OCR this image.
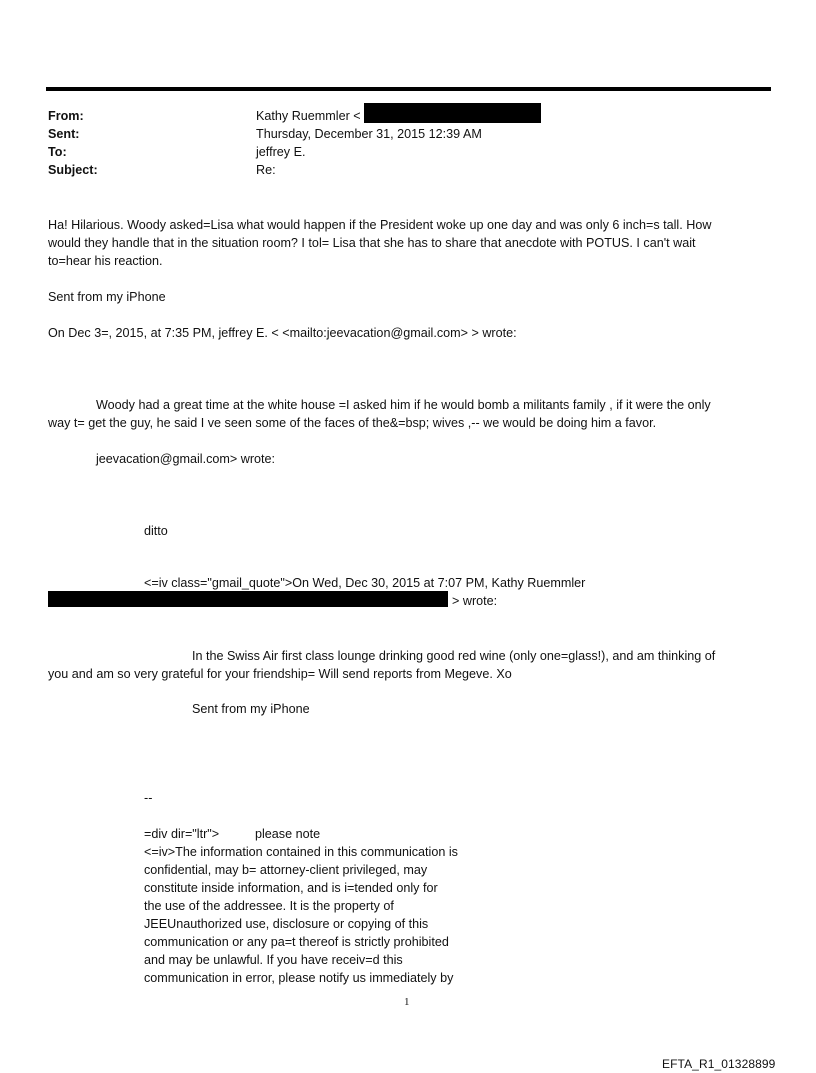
From:
Sent:
To:
Subject:
Kathy Ruemmler <
Thursday, December 31, 2015 12:39 AM
jeffrey E.
Re:
Ha! Hilarious. Woody asked=Lisa what would happen if the President woke up one day and was only 6 inch=s tall. How
would they handle that in the situation room? I tol= Lisa that she has to share that anecdote with POTUS. I can't wait
to=hear his reaction.
Sent from my iPhone
On Dec 3=, 2015, at 7:35 PM, jeffrey E. < <mailto:jeevacation@gmail.com> > wrote:
Woody had a great time at the white house =I asked him if he would bomb a militants family , if it were the only
way t= get the guy, he said I ve seen some of the faces of the&=bsp; wives ,-- we would be doing him a favor.
jeevacation@gmail.com> wrote:
ditto
<=iv class="gmail_quote">On Wed, Dec 30, 2015 at 7:07 PM, Kathy Ruemmler
> wrote:
In the Swiss Air first class lounge drinking good red wine (only one=glass!), and am thinking of
you and am so very grateful for your friendship= Will send reports from Megeve. Xo
Sent from my iPhone
--
=div dir="ltr">	please note
<=iv>The information contained in this communication is
confidential, may b= attorney-client privileged, may
constitute inside information, and is i=tended only for
the use of the addressee. It is the property of
JEEUnauthorized use, disclosure or copying of this
communication or any pa=t thereof is strictly prohibited
and may be unlawful. If you have receiv=d this
communication in error, please notify us immediately by
1
EFTA_R1_01328899
